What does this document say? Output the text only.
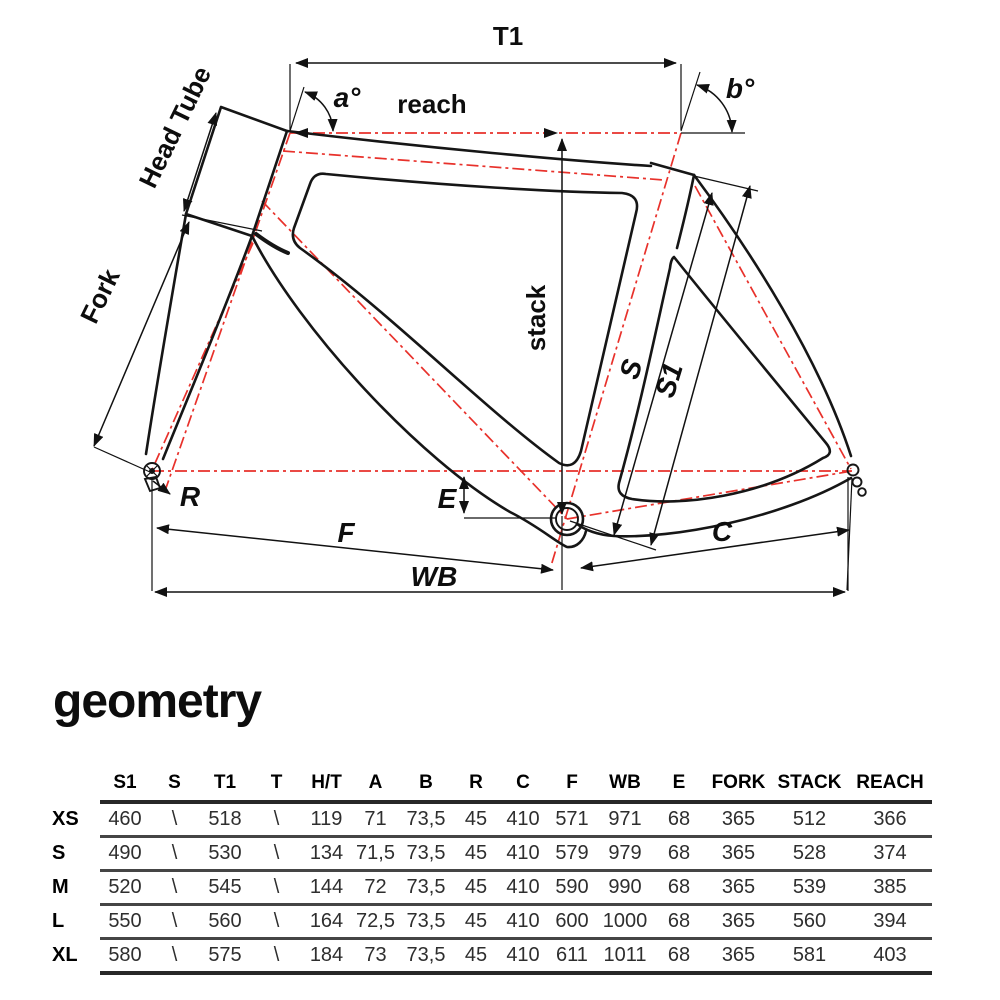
T1
reach
a°	b°
Head Tube
Fork	stack
S S1
R	E
F
WB
C
geometry
	S1	S	T1	T	H/T	A	B	R	C	F	WB	E	FORK	STACK	REACH
XS	460	\	518	\	119	71	73,5	45	410	571	971	68	365	512	366
S	490	\	530	\	134	71,5	73,5	45	410	579	979	68	365	528	374
M	520	\	545	\	144	72	73,5	45	410	590	990	68	365	539	385
L	550	\	560	\	164	72,5	73,5	45	410	600	1000	68	365	560	394
XL	580	\	575	\	184	73	73,5	45	410	611	1011	68	365	581	403
